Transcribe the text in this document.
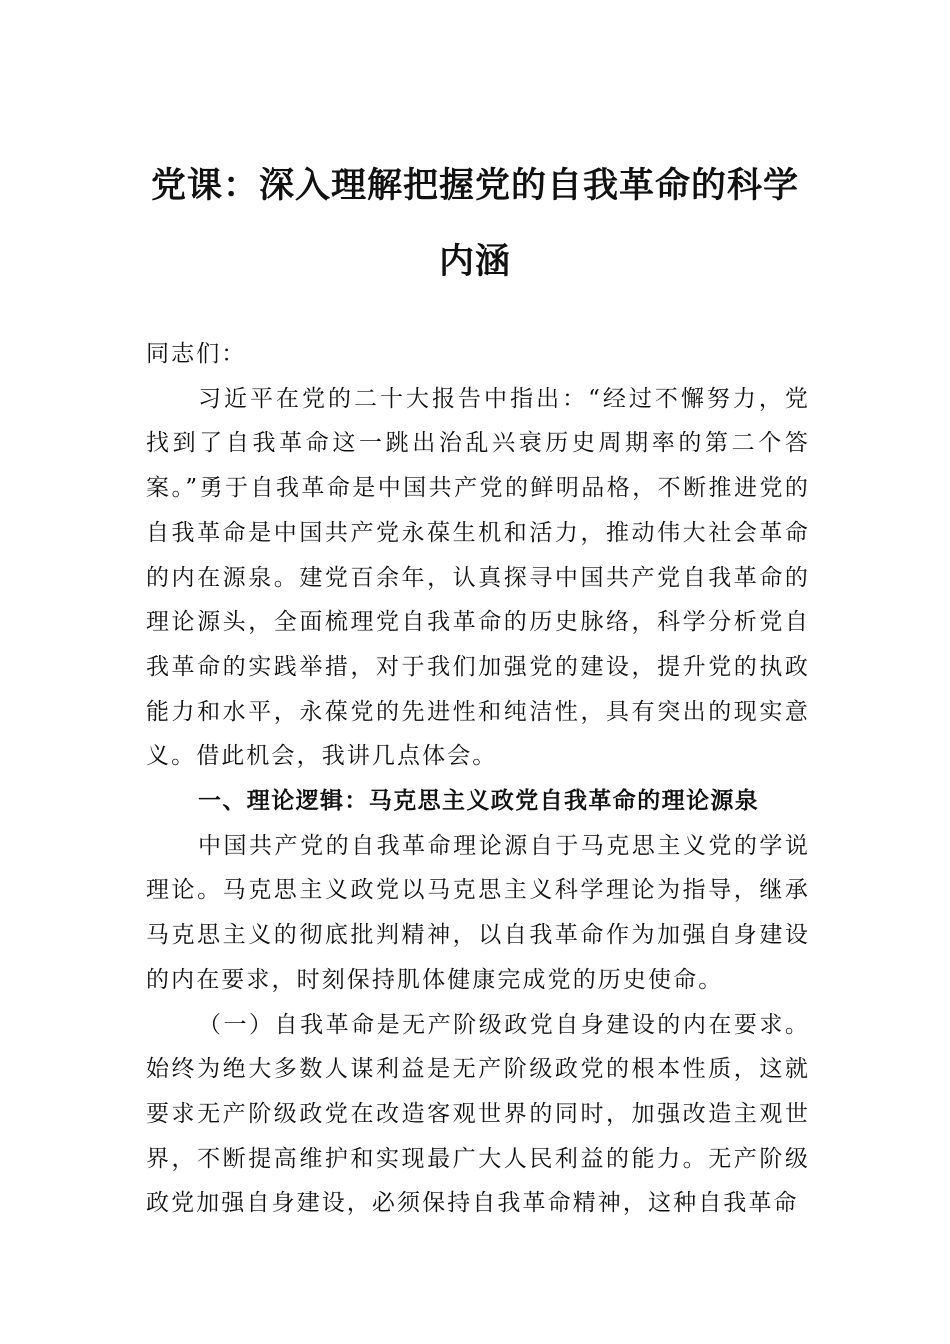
党课：深入理解把握党的自我革命的科学
内涵

同志们：

习近平在党的二十大报告中指出：“经过不懈努力，党找到了自我革命这一跳出治乱兴衰历史周期率的第二个答案。”勇于自我革命是中国共产党的鲜明品格，不断推进党的自我革命是中国共产党永葆生机和活力，推动伟大社会革命的内在源泉。建党百余年，认真探寻中国共产党自我革命的理论源头，全面梳理党自我革命的历史脉络，科学分析党自我革命的实践举措，对于我们加强党的建设，提升党的执政能力和水平，永葆党的先进性和纯洁性，具有突出的现实意义。借此机会，我讲几点体会。

一、理论逻辑：马克思主义政党自我革命的理论源泉

中国共产党的自我革命理论源自于马克思主义党的学说理论。马克思主义政党以马克思主义科学理论为指导，继承马克思主义的彻底批判精神，以自我革命作为加强自身建设的内在要求，时刻保持肌体健康完成党的历史使命。

（一）自我革命是无产阶级政党自身建设的内在要求。始终为绝大多数人谋利益是无产阶级政党的根本性质，这就要求无产阶级政党在改造客观世界的同时，加强改造主观世界，不断提高维护和实现最广大人民利益的能力。无产阶级政党加强自身建设，必须保持自我革命精神，这种自我革命
